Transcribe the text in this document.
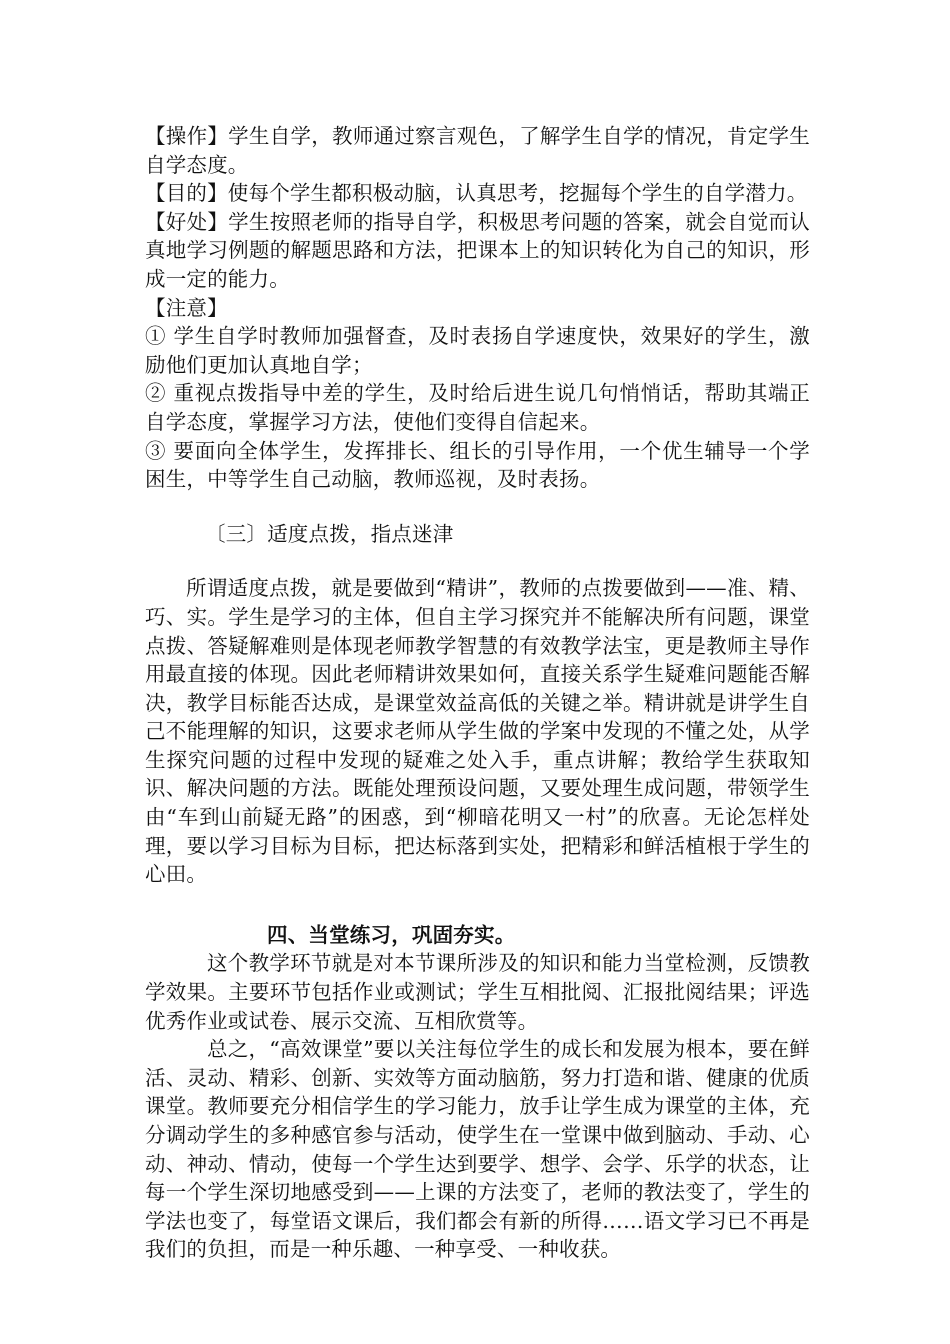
【操作】学生自学，教师通过察言观色，了解学生自学的情况，肯定学生自学态度。

【目的】使每个学生都积极动脑，认真思考，挖掘每个学生的自学潜力。

【好处】学生按照老师的指导自学，积极思考问题的答案，就会自觉而认真地学习例题的解题思路和方法，把课本上的知识转化为自己的知识，形成一定的能力。

【注意】

① 学生自学时教师加强督查，及时表扬自学速度快，效果好的学生，激励他们更加认真地自学；

② 重视点拨指导中差的学生，及时给后进生说几句悄悄话，帮助其端正自学态度，掌握学习方法，使他们变得自信起来。

③ 要面向全体学生，发挥排长、组长的引导作用，一个优生辅导一个学困生，中等学生自己动脑，教师巡视，及时表扬。

〔三〕适度点拨，指点迷津

所谓适度点拨，就是要做到“精讲”，教师的点拨要做到——准、精、巧、实。学生是学习的主体，但自主学习探究并不能解决所有问题，课堂点拨、答疑解难则是体现老师教学智慧的有效教学法宝，更是教师主导作用最直接的体现。因此老师精讲效果如何，直接关系学生疑难问题能否解决，教学目标能否达成，是课堂效益高低的关键之举。精讲就是讲学生自己不能理解的知识，这要求老师从学生做的学案中发现的不懂之处，从学生探究问题的过程中发现的疑难之处入手，重点讲解；教给学生获取知识、解决问题的方法。既能处理预设问题，又要处理生成问题，带领学生由“车到山前疑无路”的困惑，到“柳暗花明又一村”的欣喜。无论怎样处理，要以学习目标为目标，把达标落到实处，把精彩和鲜活植根于学生的心田。

四、当堂练习，巩固夯实。

这个教学环节就是对本节课所涉及的知识和能力当堂检测，反馈教学效果。主要环节包括作业或测试；学生互相批阅、汇报批阅结果；评选优秀作业或试卷、展示交流、互相欣赏等。

总之，“高效课堂”要以关注每位学生的成长和发展为根本，要在鲜活、灵动、精彩、创新、实效等方面动脑筋，努力打造和谐、健康的优质课堂。教师要充分相信学生的学习能力，放手让学生成为课堂的主体，充分调动学生的多种感官参与活动，使学生在一堂课中做到脑动、手动、心动、神动、情动，使每一个学生达到要学、想学、会学、乐学的状态，让每一个学生深切地感受到——上课的方法变了，老师的教法变了，学生的学法也变了，每堂语文课后，我们都会有新的所得……语文学习已不再是我们的负担，而是一种乐趣、一种享受、一种收获。
